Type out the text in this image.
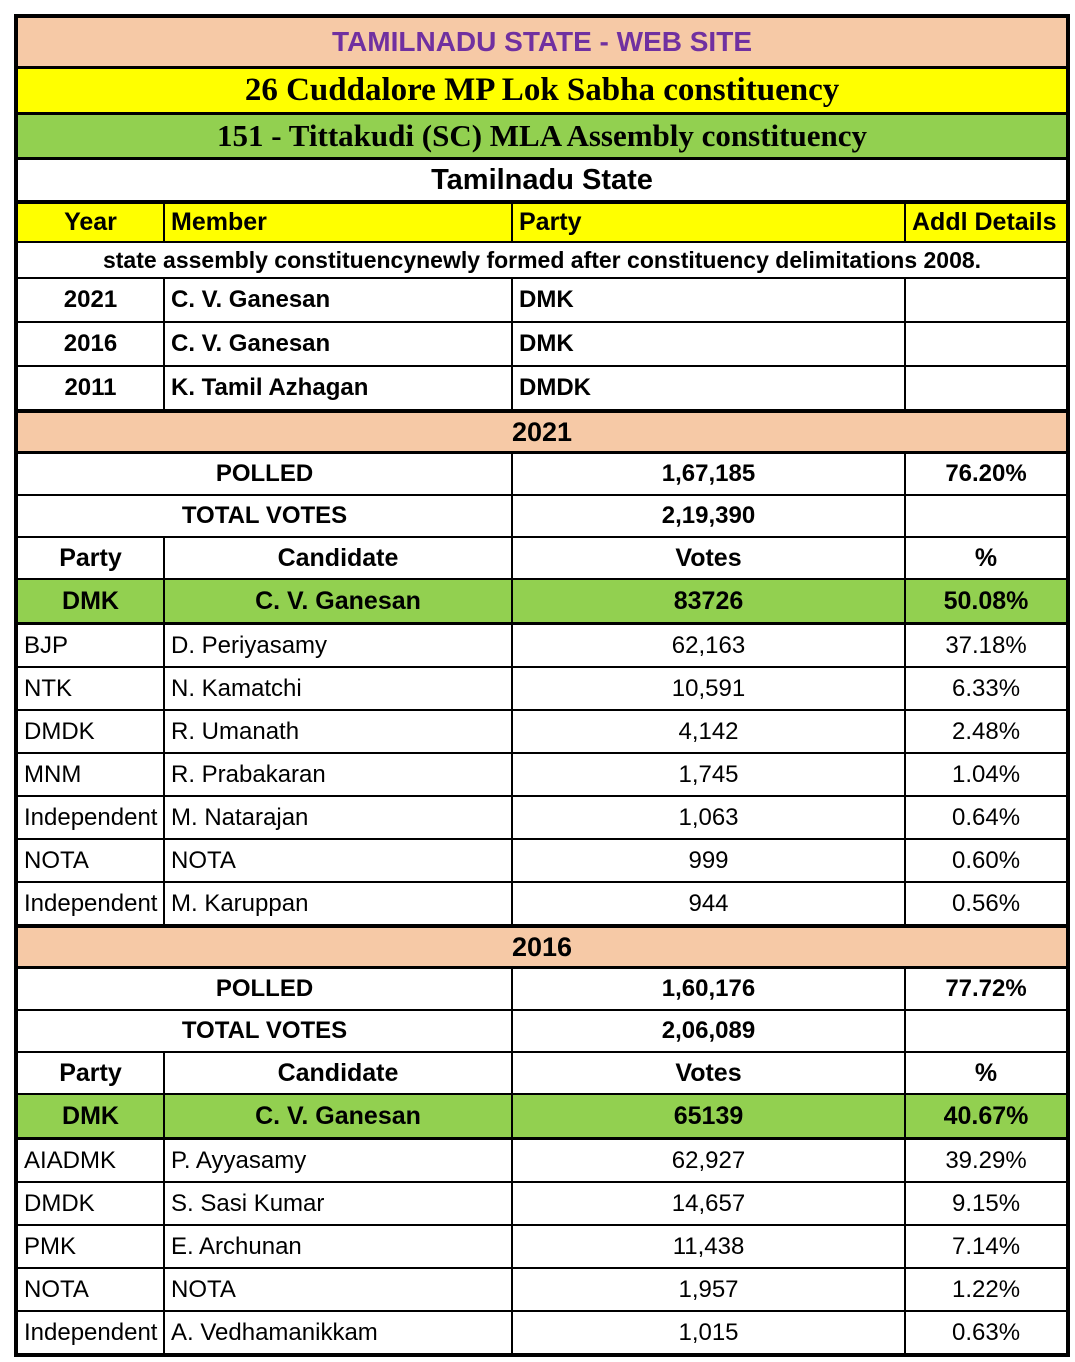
TAMILNADU STATE - WEB SITE			
26 Cuddalore MP Lok Sabha constituency			
151 - Tittakudi (SC) MLA Assembly constituency			
Tamilnadu State			
Year	Member	Party	Addl Details
state assembly constituencynewly formed after constituency delimitations 2008.			
2021	C. V. Ganesan	DMK	
2016	C. V. Ganesan	DMK	
2011	K. Tamil Azhagan	DMDK	
2021			
POLLED		1,67,185	76.20%
TOTAL VOTES		2,19,390	
Party	Candidate	Votes	%
DMK	C. V. Ganesan	83726	50.08%
BJP	D. Periyasamy	62,163	37.18%
NTK	N. Kamatchi	10,591	6.33%
DMDK	R. Umanath	4,142	2.48%
MNM	R. Prabakaran	1,745	1.04%
Independent	M. Natarajan	1,063	0.64%
NOTA	NOTA	999	0.60%
Independent	M. Karuppan	944	0.56%
2016			
POLLED		1,60,176	77.72%
TOTAL VOTES		2,06,089	
Party	Candidate	Votes	%
DMK	C. V. Ganesan	65139	40.67%
AIADMK	P. Ayyasamy	62,927	39.29%
DMDK	S. Sasi Kumar	14,657	9.15%
PMK	E. Archunan	11,438	7.14%
NOTA	NOTA	1,957	1.22%
Independent	A. Vedhamanikkam	1,015	0.63%
